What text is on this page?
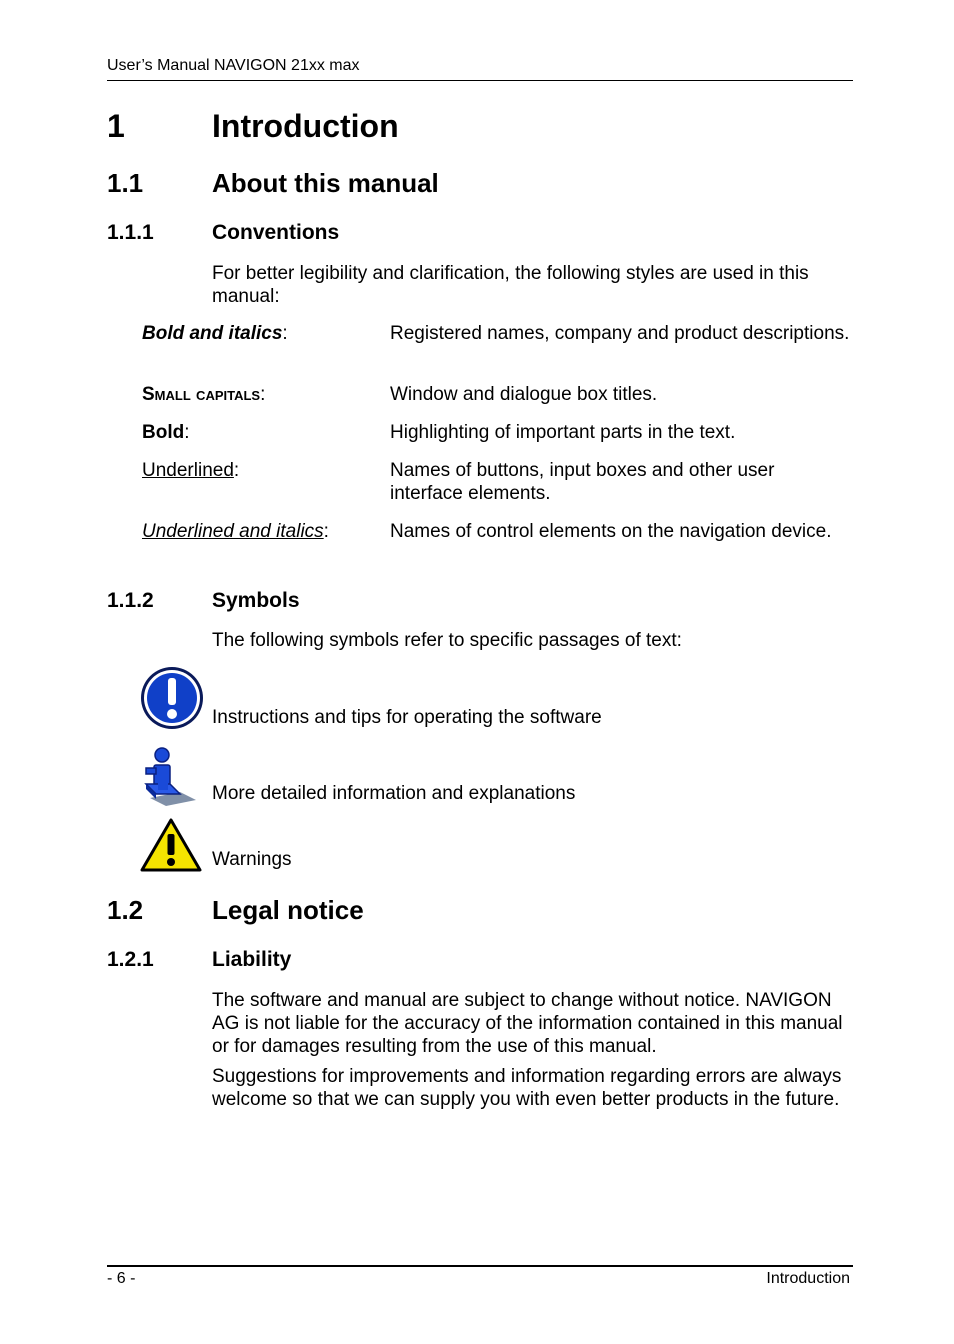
User’s Manual NAVIGON 21xx max
1	Introduction
1.1	About this manual
1.1.1	Conventions
For better legibility and clarification, the following styles are used in this manual:
Bold and italics:	Registered names, company and product descriptions.
Small capitals:	Window and dialogue box titles.
Bold:	Highlighting of important parts in the text.
Underlined:	Names of buttons, input boxes and other user interface elements.
Underlined and italics:	Names of control elements on the navigation device.
1.1.2	Symbols
The following symbols refer to specific passages of text:
Instructions and tips for operating the software
More detailed information and explanations
Warnings
1.2	Legal notice
1.2.1	Liability
The software and manual are subject to change without notice. NAVIGON AG is not liable for the accuracy of the information contained in this manual or for damages resulting from the use of this manual.
Suggestions for improvements and information regarding errors are always welcome so that we can supply you with even better products in the future.
- 6 -	Introduction
